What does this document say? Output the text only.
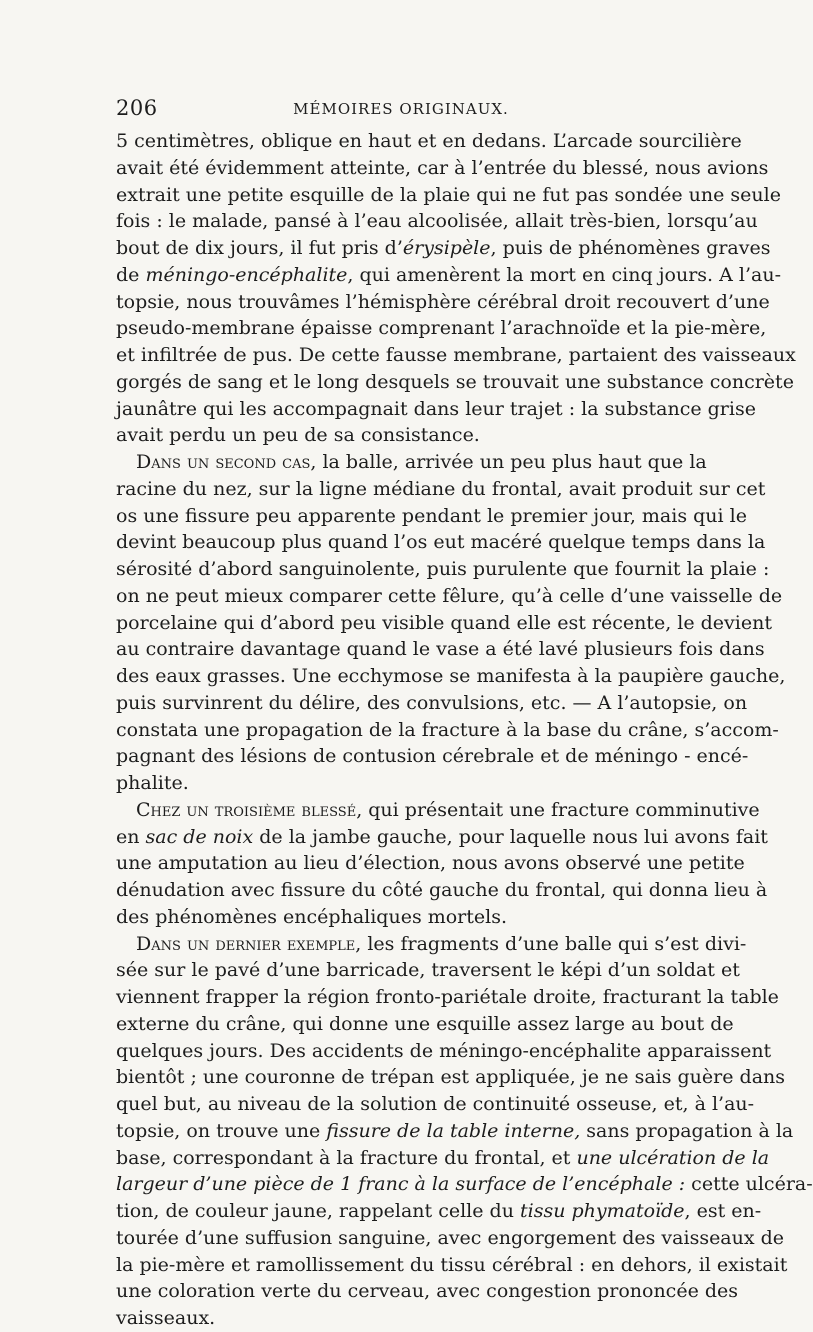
206	MÉMOIRES ORIGINAUX.
5 centimètres, oblique en haut et en dedans. L’arcade sourcilière
avait été évidemment atteinte, car à l’entrée du blessé, nous avions
extrait une petite esquille de la plaie qui ne fut pas sondée une seule
fois : le malade, pansé à l’eau alcoolisée, allait très-bien, lorsqu’au
bout de dix jours, il fut pris d’érysipèle, puis de phénomènes graves
de méningo-encéphalite, qui amenèrent la mort en cinq jours. A l’au-
topsie, nous trouvâmes l’hémisphère cérébral droit recouvert d’une
pseudo-membrane épaisse comprenant l’arachnoïde et la pie-mère,
et infiltrée de pus. De cette fausse membrane, partaient des vaisseaux
gorgés de sang et le long desquels se trouvait une substance concrète
jaunâtre qui les accompagnait dans leur trajet : la substance grise
avait perdu un peu de sa consistance.
Dans un second cas, la balle, arrivée un peu plus haut que la
racine du nez, sur la ligne médiane du frontal, avait produit sur cet
os une fissure peu apparente pendant le premier jour, mais qui le
devint beaucoup plus quand l’os eut macéré quelque temps dans la
sérosité d’abord sanguinolente, puis purulente que fournit la plaie :
on ne peut mieux comparer cette fêlure, qu’à celle d’une vaisselle de
porcelaine qui d’abord peu visible quand elle est récente, le devient
au contraire davantage quand le vase a été lavé plusieurs fois dans
des eaux grasses. Une ecchymose se manifesta à la paupière gauche,
puis survinrent du délire, des convulsions, etc. — A l’autopsie, on
constata une propagation de la fracture à la base du crâne, s’accom-
pagnant des lésions de contusion cérebrale et de méningo - encé-
phalite.
Chez un troisième blessé, qui présentait une fracture comminutive
en sac de noix de la jambe gauche, pour laquelle nous lui avons fait
une amputation au lieu d’élection, nous avons observé une petite
dénudation avec fissure du côté gauche du frontal, qui donna lieu à
des phénomènes encéphaliques mortels.
Dans un dernier exemple, les fragments d’une balle qui s’est divi-
sée sur le pavé d’une barricade, traversent le képi d’un soldat et
viennent frapper la région fronto-pariétale droite, fracturant la table
externe du crâne, qui donne une esquille assez large au bout de
quelques jours. Des accidents de méningo-encéphalite apparaissent
bientôt ; une couronne de trépan est appliquée, je ne sais guère dans
quel but, au niveau de la solution de continuité osseuse, et, à l’au-
topsie, on trouve une fissure de la table interne, sans propagation à la
base, correspondant à la fracture du frontal, et une ulcération de la
largeur d’une pièce de 1 franc à la surface de l’encéphale : cette ulcéra-
tion, de couleur jaune, rappelant celle du tissu phymatoïde, est en-
tourée d’une suffusion sanguine, avec engorgement des vaisseaux de
la pie-mère et ramollissement du tissu cérébral : en dehors, il existait
une coloration verte du cerveau, avec congestion prononcée des
vaisseaux.
